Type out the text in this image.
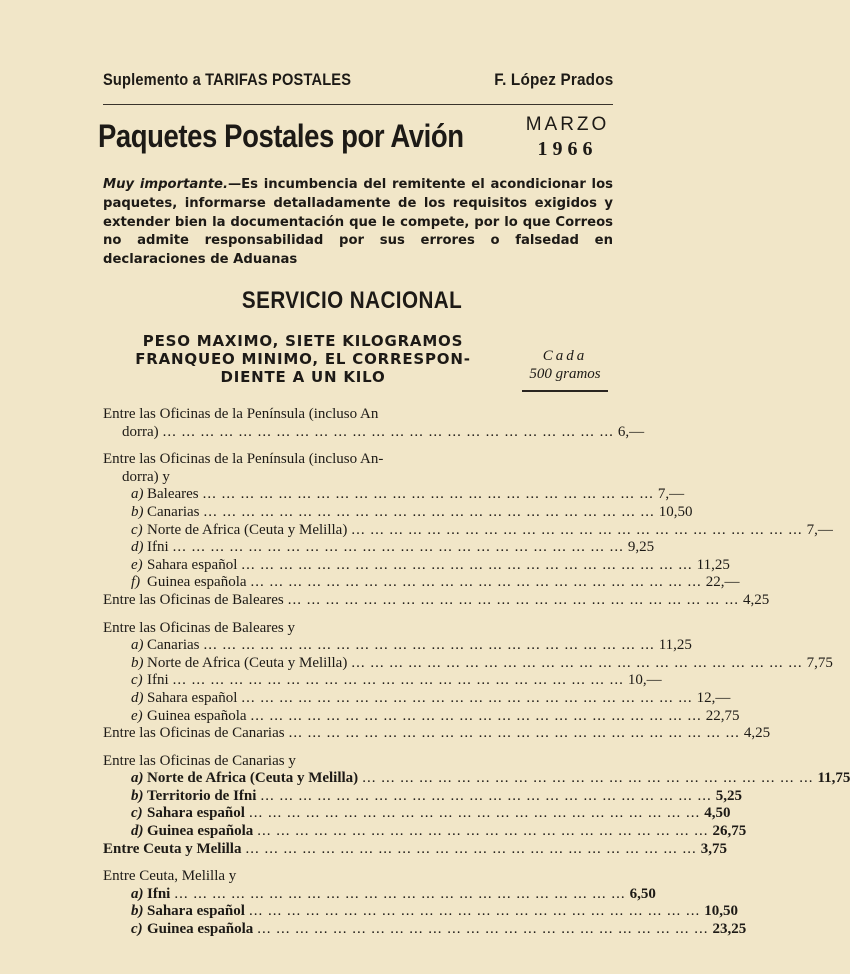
Suplemento a TARIFAS POSTALES	F. López Prados
Paquetes Postales por Avión	MARZO
1966
Muy importante.—Es incumbencia del remitente el acondicionar los paquetes, informarse detalladamente de los requisitos exigidos y extender bien la documentación que le compete, por lo que Correos no admite responsabilidad por sus errores o falsedad en declaraciones de Aduanas
SERVICIO NACIONAL
PESO MAXIMO, SIETE KILOGRAMOS
FRANQUEO MINIMO, EL CORRESPON-
DIENTE A UN KILO
Cada
500 gramos
Entre las Oficinas de la Península (incluso An
dorra) ... ... ... ... ... ... ... ... ... ... ... ... ... ... ... ... ... ... ... ... ... ... ... ... 6,—
Entre las Oficinas de la Península (incluso An-
dorra) y
a) Baleares ... ... ... ... ... ... ... ... ... ... ... ... ... ... ... ... ... ... ... ... ... ... ... ... 7,—
b) Canarias ... ... ... ... ... ... ... ... ... ... ... ... ... ... ... ... ... ... ... ... ... ... ... ... 10,50
c) Norte de Africa (Ceuta y Melilla) ... ... ... ... ... ... ... ... ... ... ... ... ... ... ... ... ... ... ... ... ... ... ... ... 7,—
d) Ifni ... ... ... ... ... ... ... ... ... ... ... ... ... ... ... ... ... ... ... ... ... ... ... ... 9,25
e) Sahara español ... ... ... ... ... ... ... ... ... ... ... ... ... ... ... ... ... ... ... ... ... ... ... ... 11,25
f) Guinea española ... ... ... ... ... ... ... ... ... ... ... ... ... ... ... ... ... ... ... ... ... ... ... ... 22,—
Entre las Oficinas de Baleares ... ... ... ... ... ... ... ... ... ... ... ... ... ... ... ... ... ... ... ... ... ... ... ... 4,25
Entre las Oficinas de Baleares y
a) Canarias ... ... ... ... ... ... ... ... ... ... ... ... ... ... ... ... ... ... ... ... ... ... ... ... 11,25
b) Norte de Africa (Ceuta y Melilla) ... ... ... ... ... ... ... ... ... ... ... ... ... ... ... ... ... ... ... ... ... ... ... ... 7,75
c) Ifni ... ... ... ... ... ... ... ... ... ... ... ... ... ... ... ... ... ... ... ... ... ... ... ... 10,—
d) Sahara español ... ... ... ... ... ... ... ... ... ... ... ... ... ... ... ... ... ... ... ... ... ... ... ... 12,—
e) Guinea española ... ... ... ... ... ... ... ... ... ... ... ... ... ... ... ... ... ... ... ... ... ... ... ... 22,75
Entre las Oficinas de Canarias ... ... ... ... ... ... ... ... ... ... ... ... ... ... ... ... ... ... ... ... ... ... ... ... 4,25
Entre las Oficinas de Canarias y
a) Norte de Africa (Ceuta y Melilla) ... ... ... ... ... ... ... ... ... ... ... ... ... ... ... ... ... ... ... ... ... ... ... ... 11,75
b) Territorio de Ifni ... ... ... ... ... ... ... ... ... ... ... ... ... ... ... ... ... ... ... ... ... ... ... ... 5,25
c) Sahara español ... ... ... ... ... ... ... ... ... ... ... ... ... ... ... ... ... ... ... ... ... ... ... ... 4,50
d) Guinea española ... ... ... ... ... ... ... ... ... ... ... ... ... ... ... ... ... ... ... ... ... ... ... ... 26,75
Entre Ceuta y Melilla ... ... ... ... ... ... ... ... ... ... ... ... ... ... ... ... ... ... ... ... ... ... ... ... 3,75
Entre Ceuta, Melilla y
a) Ifni ... ... ... ... ... ... ... ... ... ... ... ... ... ... ... ... ... ... ... ... ... ... ... ... 6,50
b) Sahara español ... ... ... ... ... ... ... ... ... ... ... ... ... ... ... ... ... ... ... ... ... ... ... ... 10,50
c) Guinea española ... ... ... ... ... ... ... ... ... ... ... ... ... ... ... ... ... ... ... ... ... ... ... ... 23,25
